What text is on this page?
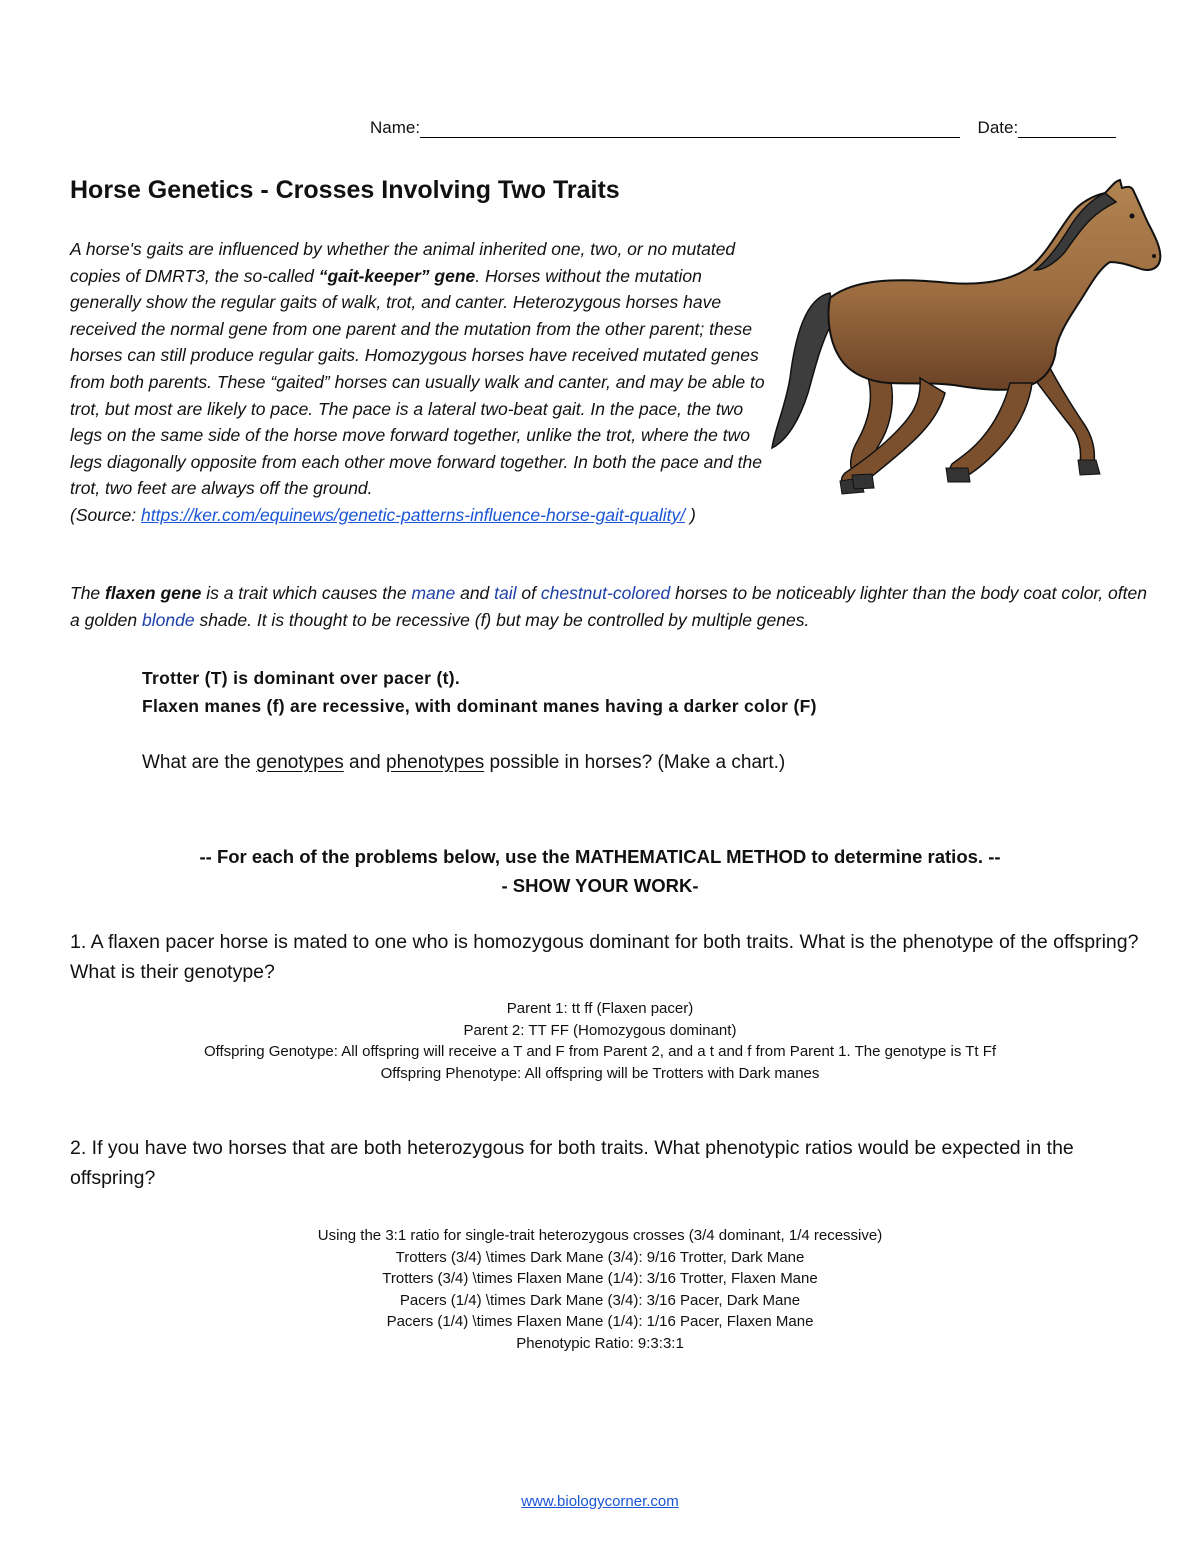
Name:	Date:
Horse Genetics - Crosses Involving Two Traits
A horse's gaits are influenced by whether the animal inherited one, two, or no mutated copies of DMRT3, the so-called “gait-keeper” gene. Horses without the mutation generally show the regular gaits of walk, trot, and canter. Heterozygous horses have received the normal gene from one parent and the mutation from the other parent; these horses can still produce regular gaits. Homozygous horses have received mutated genes from both parents. These “gaited” horses can usually walk and canter, and may be able to trot, but most are likely to pace. The pace is a lateral two-beat gait. In the pace, the two legs on the same side of the horse move forward together, unlike the trot, where the two legs diagonally opposite from each other move forward together. In both the pace and the trot, two feet are always off the ground.
(Source: https://ker.com/equinews/genetic-patterns-influence-horse-gait-quality/ )
The flaxen gene is a trait which causes the mane and tail of chestnut-colored horses to be noticeably lighter than the body coat color, often a golden blonde shade. It is thought to be recessive (f) but may be controlled by multiple genes.
Trotter (T) is dominant over pacer (t).
Flaxen manes (f) are recessive, with dominant manes having a darker color (F)
What are the genotypes and phenotypes possible in horses? (Make a chart.)
-- For each of the problems below, use the MATHEMATICAL METHOD to determine ratios. --
- SHOW YOUR WORK-
1. A flaxen pacer horse is mated to one who is homozygous dominant for both traits. What is the phenotype of the offspring? What is their genotype?
Parent 1: tt ff (Flaxen pacer)
Parent 2: TT FF (Homozygous dominant)
Offspring Genotype: All offspring will receive a T and F from Parent 2, and a t and f from Parent 1. The genotype is Tt Ff
Offspring Phenotype: All offspring will be Trotters with Dark manes
2. If you have two horses that are both heterozygous for both traits. What phenotypic ratios would be expected in the offspring?
Using the 3:1 ratio for single-trait heterozygous crosses (3/4 dominant, 1/4 recessive)
Trotters (3/4) \times Dark Mane (3/4): 9/16 Trotter, Dark Mane
Trotters (3/4) \times Flaxen Mane (1/4): 3/16 Trotter, Flaxen Mane
Pacers (1/4) \times Dark Mane (3/4): 3/16 Pacer, Dark Mane
Pacers (1/4) \times Flaxen Mane (1/4): 1/16 Pacer, Flaxen Mane
Phenotypic Ratio: 9:3:3:1
www.biologycorner.com
